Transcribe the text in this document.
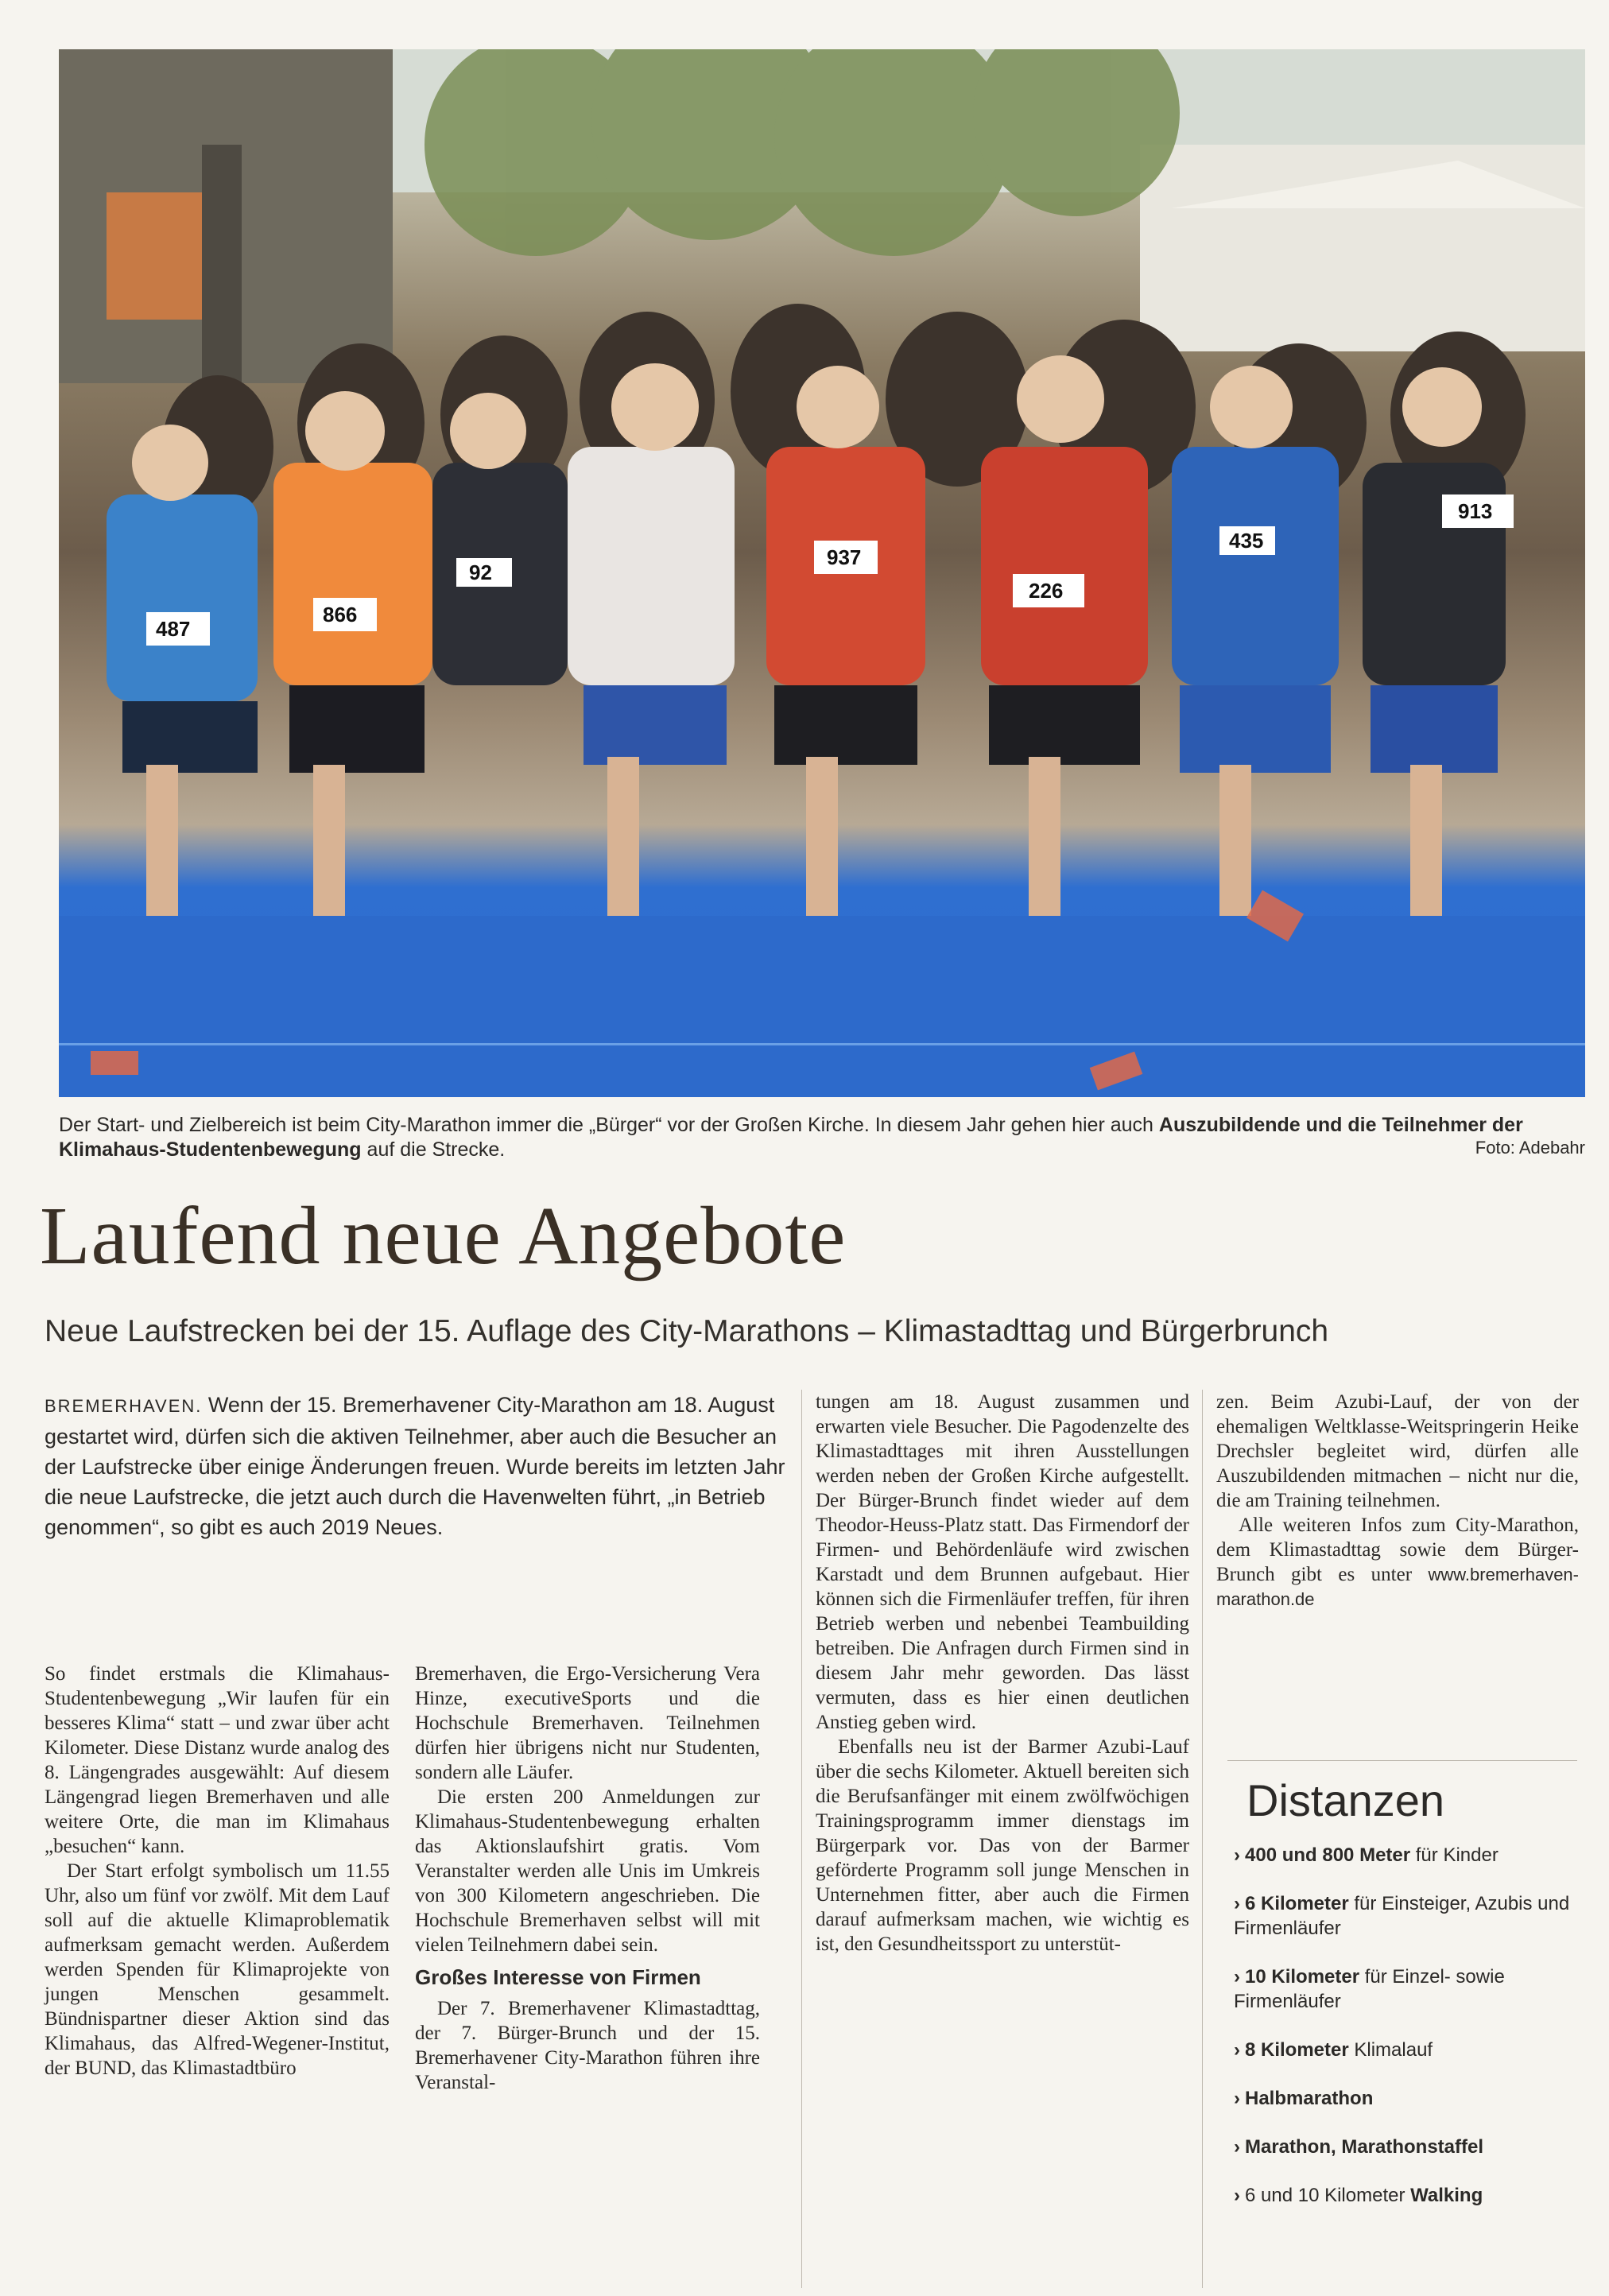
487
866
92
937
226
435
913
Der Start- und Zielbereich ist beim City-Marathon immer die „Bürger“ vor der Großen Kirche. In diesem Jahr gehen hier auch Auszubildende und die Teilnehmer der Klimahaus-Studentenbewegung auf die Strecke.	Foto: Adebahr
Laufend neue Angebote
Neue Laufstrecken bei der 15. Auflage des City-Marathons – Klimastadttag und Bürgerbrunch
BREMERHAVEN. Wenn der 15. Bremerhavener City-Marathon am 18. August gestartet wird, dürfen sich die aktiven Teilnehmer, aber auch die Besucher an der Laufstrecke über einige Änderungen freuen. Wurde bereits im letzten Jahr die neue Laufstrecke, die jetzt auch durch die Havenwelten führt, „in Betrieb genommen“, so gibt es auch 2019 Neues.

So findet erstmals die Klimahaus-Studentenbewegung „Wir laufen für ein besseres Klima“ statt – und zwar über acht Kilometer. Diese Distanz wurde analog des 8. Längengrades ausgewählt: Auf diesem Längengrad liegen Bremerhaven und alle weitere Orte, die man im Klimahaus „besuchen“ kann.

Der Start erfolgt symbolisch um 11.55 Uhr, also um fünf vor zwölf. Mit dem Lauf soll auf die aktuelle Klimaproblematik aufmerksam gemacht werden. Außerdem werden Spenden für Klimaprojekte von jungen Menschen gesammelt. Bündnispartner dieser Aktion sind das Klimahaus, das Alfred-Wegener-Institut, der BUND, das Klimastadtbüro

Bremerhaven, die Ergo-Versicherung Vera Hinze, executiveSports und die Hochschule Bremerhaven. Teilnehmen dürfen hier übrigens nicht nur Studenten, sondern alle Läufer.

Die ersten 200 Anmeldungen zur Klimahaus-Studentenbewegung erhalten das Aktionslaufshirt gratis. Vom Veranstalter werden alle Unis im Umkreis von 300 Kilometern angeschrieben. Die Hochschule Bremerhaven selbst will mit vielen Teilnehmern dabei sein.

Großes Interesse von Firmen

Der 7. Bremerhavener Klimastadttag, der 7. Bürger-Brunch und der 15. Bremerhavener City-Marathon führen ihre Veranstal-

tungen am 18. August zusammen und erwarten viele Besucher. Die Pagodenzelte des Klimastadttages mit ihren Ausstellungen werden neben der Großen Kirche aufgestellt. Der Bürger-Brunch findet wieder auf dem Theodor-Heuss-Platz statt. Das Firmendorf der Firmen- und Behördenläufe wird zwischen Karstadt und dem Brunnen aufgebaut. Hier können sich die Firmenläufer treffen, für ihren Betrieb werben und nebenbei Teambuilding betreiben. Die Anfragen durch Firmen sind in diesem Jahr mehr geworden. Das lässt vermuten, dass es hier einen deutlichen Anstieg geben wird.

Ebenfalls neu ist der Barmer Azubi-Lauf über die sechs Kilometer. Aktuell bereiten sich die Berufsanfänger mit einem zwölfwöchigen Trainingsprogramm immer dienstags im Bürgerpark vor. Das von der Barmer geförderte Programm soll junge Menschen in Unternehmen fitter, aber auch die Firmen darauf aufmerksam machen, wie wichtig es ist, den Gesundheitssport zu unterstüt-

zen. Beim Azubi-Lauf, der von der ehemaligen Weltklasse-Weitspringerin Heike Drechsler begleitet wird, dürfen alle Auszubildenden mitmachen – nicht nur die, die am Training teilnehmen.

Alle weiteren Infos zum City-Marathon, dem Klimastadttag sowie dem Bürger-Brunch gibt es unter www.bremerhaven-marathon.de

Distanzen
› 400 und 800 Meter für Kinder
› 6 Kilometer für Einsteiger, Azubis und Firmenläufer
› 10 Kilometer für Einzel- sowie Firmenläufer
› 8 Kilometer Klimalauf
› Halbmarathon
› Marathon, Marathonstaffel
› 6 und 10 Kilometer Walking
